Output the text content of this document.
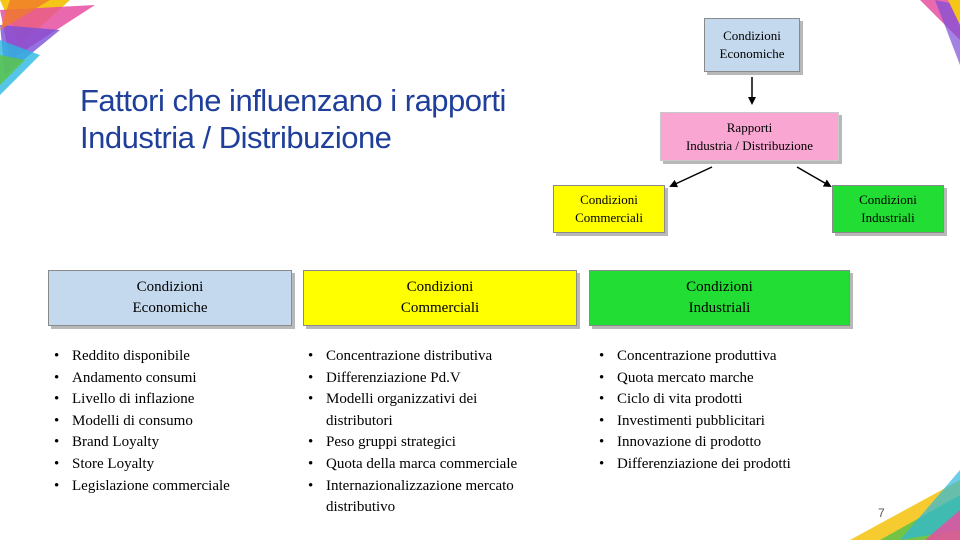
Fattori che influenzano i rapporti
Industria / Distribuzione
Condizioni
Economiche
Rapporti
Industria / Distribuzione
Condizioni
Commerciali
Condizioni
Industriali
Condizioni
Economiche
Condizioni
Commerciali
Condizioni
Industriali
• Reddito disponibile
• Andamento consumi
• Livello di inflazione
• Modelli di consumo
• Brand Loyalty
• Store Loyalty
• Legislazione commerciale
• Concentrazione distributiva
• Differenziazione Pd.V
• Modelli organizzativi dei distributori
• Peso gruppi strategici
• Quota della marca commerciale
• Internazionalizzazione mercato distributivo
• Concentrazione produttiva
• Quota mercato marche
• Ciclo di vita prodotti
• Investimenti pubblicitari
• Innovazione di prodotto
• Differenziazione dei prodotti
7
